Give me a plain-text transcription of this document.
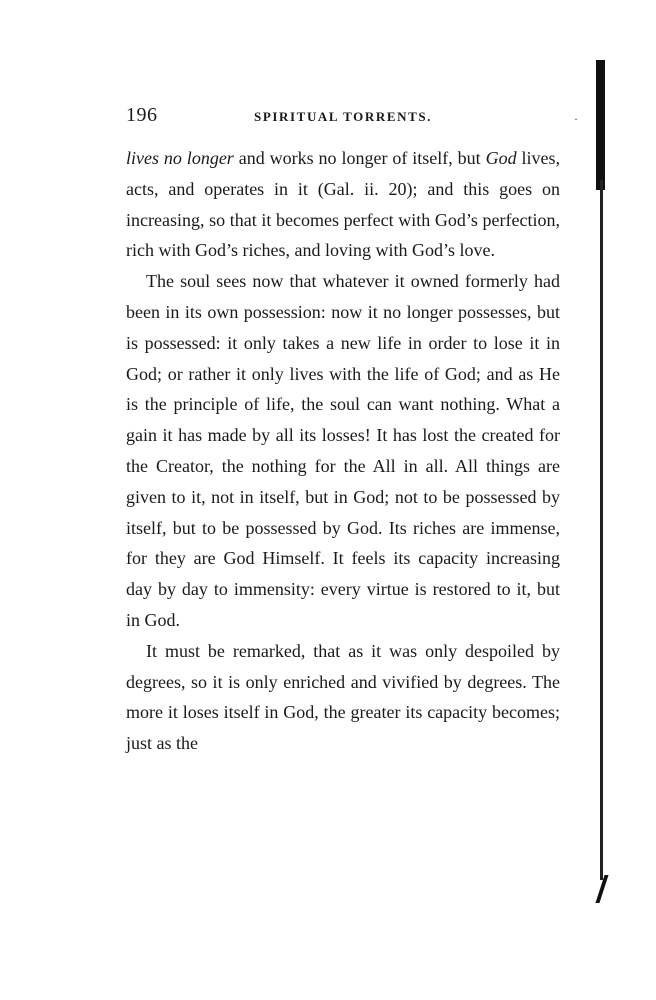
196	SPIRITUAL TORRENTS.	·

lives no longer and works no longer of itself, but God lives, acts, and operates in it (Gal. ii. 20); and this goes on increasing, so that it becomes perfect with God’s perfection, rich with God’s riches, and loving with God’s love.

The soul sees now that whatever it owned formerly had been in its own possession: now it no longer possesses, but is possessed: it only takes a new life in order to lose it in God; or rather it only lives with the life of God; and as He is the principle of life, the soul can want nothing. What a gain it has made by all its losses! It has lost the created for the Creator, the nothing for the All in all. All things are given to it, not in itself, but in God; not to be possessed by itself, but to be possessed by God. Its riches are immense, for they are God Himself. It feels its capacity increasing day by day to immensity: every virtue is restored to it, but in God.

It must be remarked, that as it was only despoiled by degrees, so it is only enriched and vivified by degrees. The more it loses itself in God, the greater its capacity becomes; just as the
